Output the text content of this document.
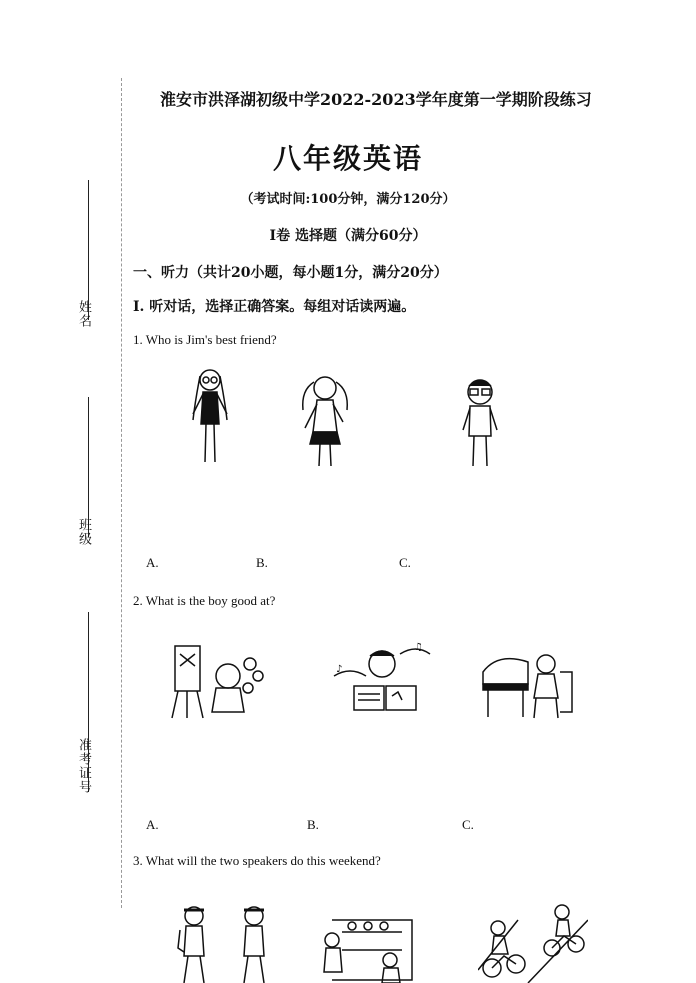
姓名
班级
准考证号
淮安市洪泽湖初级中学2022-2023学年度第一学期阶段练习
八年级英语
（考试时间:100分钟，满分120分）
I卷 选择题（满分60分）
一、听力（共计20小题，每小题1分，满分20分）
I. 听对话，选择正确答案。每组对话读两遍。
1. Who is Jim's best friend?
A.	B.	C.
2. What is the boy good at?
♪
♫
A.	B.	C.
3. What will the two speakers do this weekend?
